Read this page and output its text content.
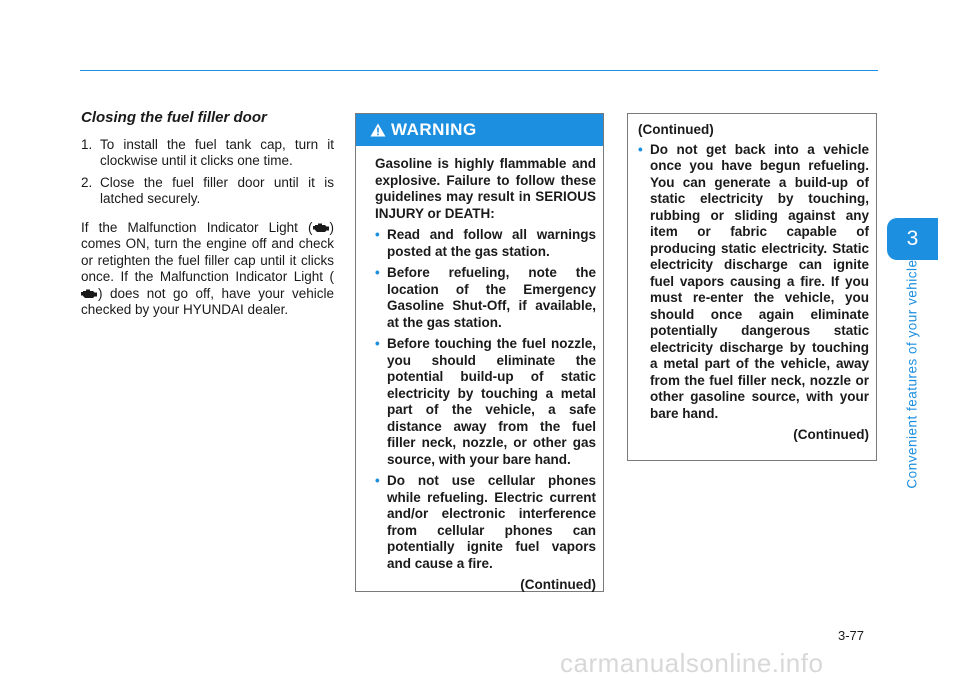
3
Convenient features of your vehicle
Closing the fuel filler door
1. To install the fuel tank cap, turn it clockwise until it clicks one time.
2. Close the fuel filler door until it is latched securely.

If the Malfunction Indicator Light ( ) comes ON, turn the engine off and check or retighten the fuel filler cap until it clicks once. If the Malfunction Indicator Light () does not go off, have your vehicle checked by your HYUNDAI dealer.

WARNING

Gasoline is highly flammable and explosive. Failure to follow these guidelines may result in SERIOUS INJURY or DEATH:

• Read and follow all warnings posted at the gas station.
• Before refueling, note the location of the Emergency Gasoline Shut-Off, if available, at the gas station.
• Before touching the fuel nozzle, you should eliminate the potential build-up of static electricity by touching a metal part of the vehicle, a safe distance away from the fuel filler neck, nozzle, or other gas source, with your bare hand.
• Do not use cellular phones while refueling. Electric current and/or electronic interference from cellular phones can potentially ignite fuel vapors and cause a fire.
(Continued)

(Continued)

• Do not get back into a vehicle once you have begun refueling. You can generate a build-up of static electricity by touching, rubbing or sliding against any item or fabric capable of producing static electricity. Static electricity discharge can ignite fuel vapors causing a fire. If you must re-enter the vehicle, you should once again eliminate potentially dangerous static electricity discharge by touching a metal part of the vehicle, away from the fuel filler neck, nozzle or other gasoline source, with your bare hand.
(Continued)
3-77
carmanualsonline.info
